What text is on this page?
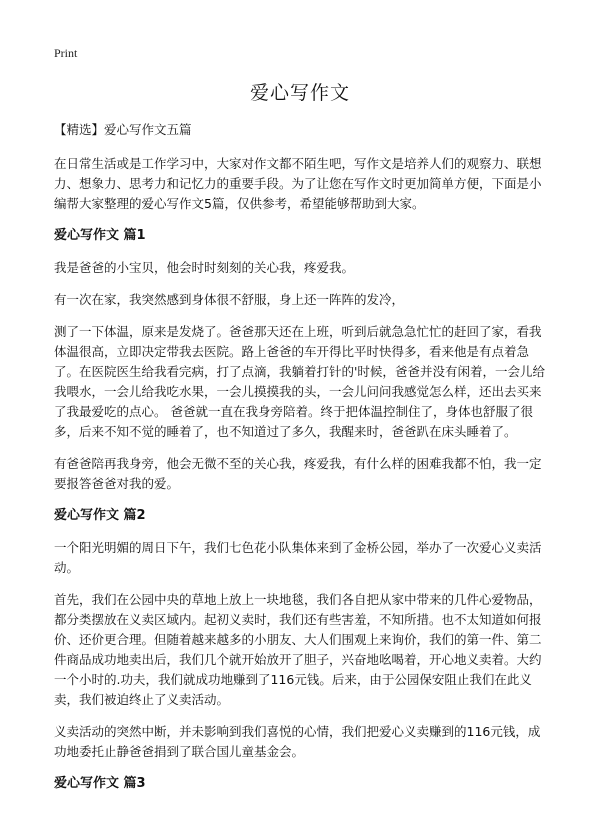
Print
爱心写作文
【精选】爱心写作文五篇
在日常生活或是工作学习中，大家对作文都不陌生吧，写作文是培养人们的观察力、联想力、想象力、思考力和记忆力的重要手段。为了让您在写作文时更加简单方便，下面是小编帮大家整理的爱心写作文5篇，仅供参考，希望能够帮助到大家。
爱心写作文 篇1
我是爸爸的小宝贝，他会时时刻刻的关心我，疼爱我。
有一次在家，我突然感到身体很不舒服，身上还一阵阵的发冷，
测了一下体温，原来是发烧了。爸爸那天还在上班，听到后就急急忙忙的赶回了家，看我体温很高，立即决定带我去医院。路上爸爸的车开得比平时快得多，看来他是有点着急了。在医院医生给我看完病，打了点滴，我躺着打针的'时候，爸爸并没有闲着，一会儿给我喂水，一会儿给我吃水果，一会儿摸摸我的头，一会儿问问我感觉怎么样，还出去买来了我最爱吃的点心。 爸爸就一直在我身旁陪着。终于把体温控制住了，身体也舒服了很多，后来不知不觉的睡着了，也不知道过了多久，我醒来时，爸爸趴在床头睡着了。
有爸爸陪再我身旁，他会无微不至的关心我，疼爱我，有什么样的困难我都不怕，我一定要报答爸爸对我的爱。
爱心写作文 篇2
一个阳光明媚的周日下午，我们七色花小队集体来到了金桥公园，举办了一次爱心义卖活动。
首先，我们在公园中央的草地上放上一块地毯，我们各自把从家中带来的几件心爱物品，都分类摆放在义卖区域内。起初义卖时，我们还有些害羞，不知所措。也不太知道如何报价、还价更合理。但随着越来越多的小朋友、大人们围观上来询价，我们的第一件、第二件商品成功地卖出后，我们几个就开始放开了胆子，兴奋地吆喝着，开心地义卖着。大约一个小时的.功夫，我们就成功地赚到了116元钱。后来，由于公园保安阻止我们在此义卖，我们被迫终止了义卖活动。
义卖活动的突然中断，并未影响到我们喜悦的心情，我们把爱心义卖赚到的116元钱，成功地委托止静爸爸捐到了联合国儿童基金会。
爱心写作文 篇3
